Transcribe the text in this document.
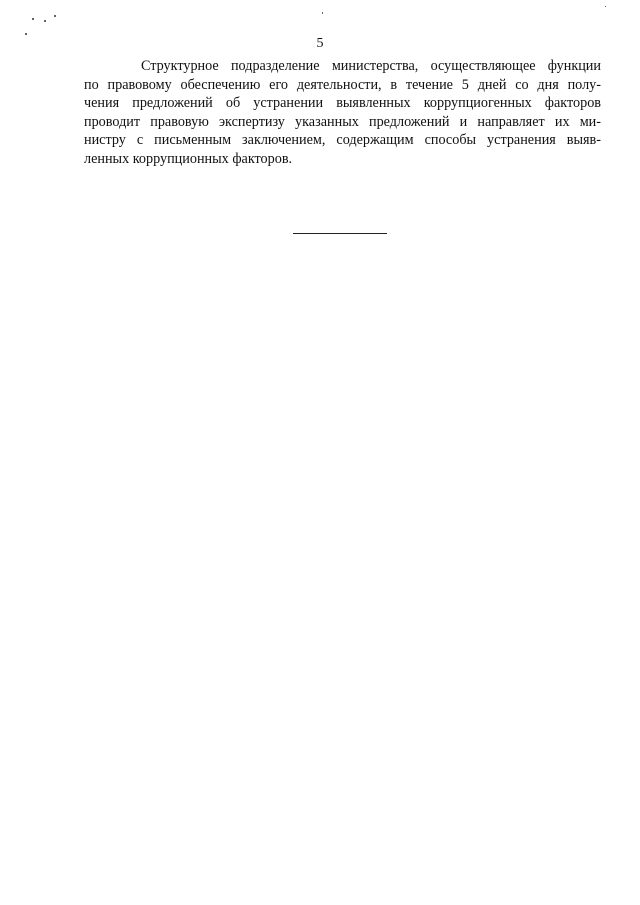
5

Структурное подразделение министерства, осуществляющее функции
по правовому обеспечению его деятельности, в течение 5 дней со дня полу-
чения предложений об устранении выявленных коррупциогенных факторов
проводит правовую экспертизу указанных предложений и направляет их ми-
нистру с письменным заключением, содержащим способы устранения выяв-
ленных коррупционных факторов.
